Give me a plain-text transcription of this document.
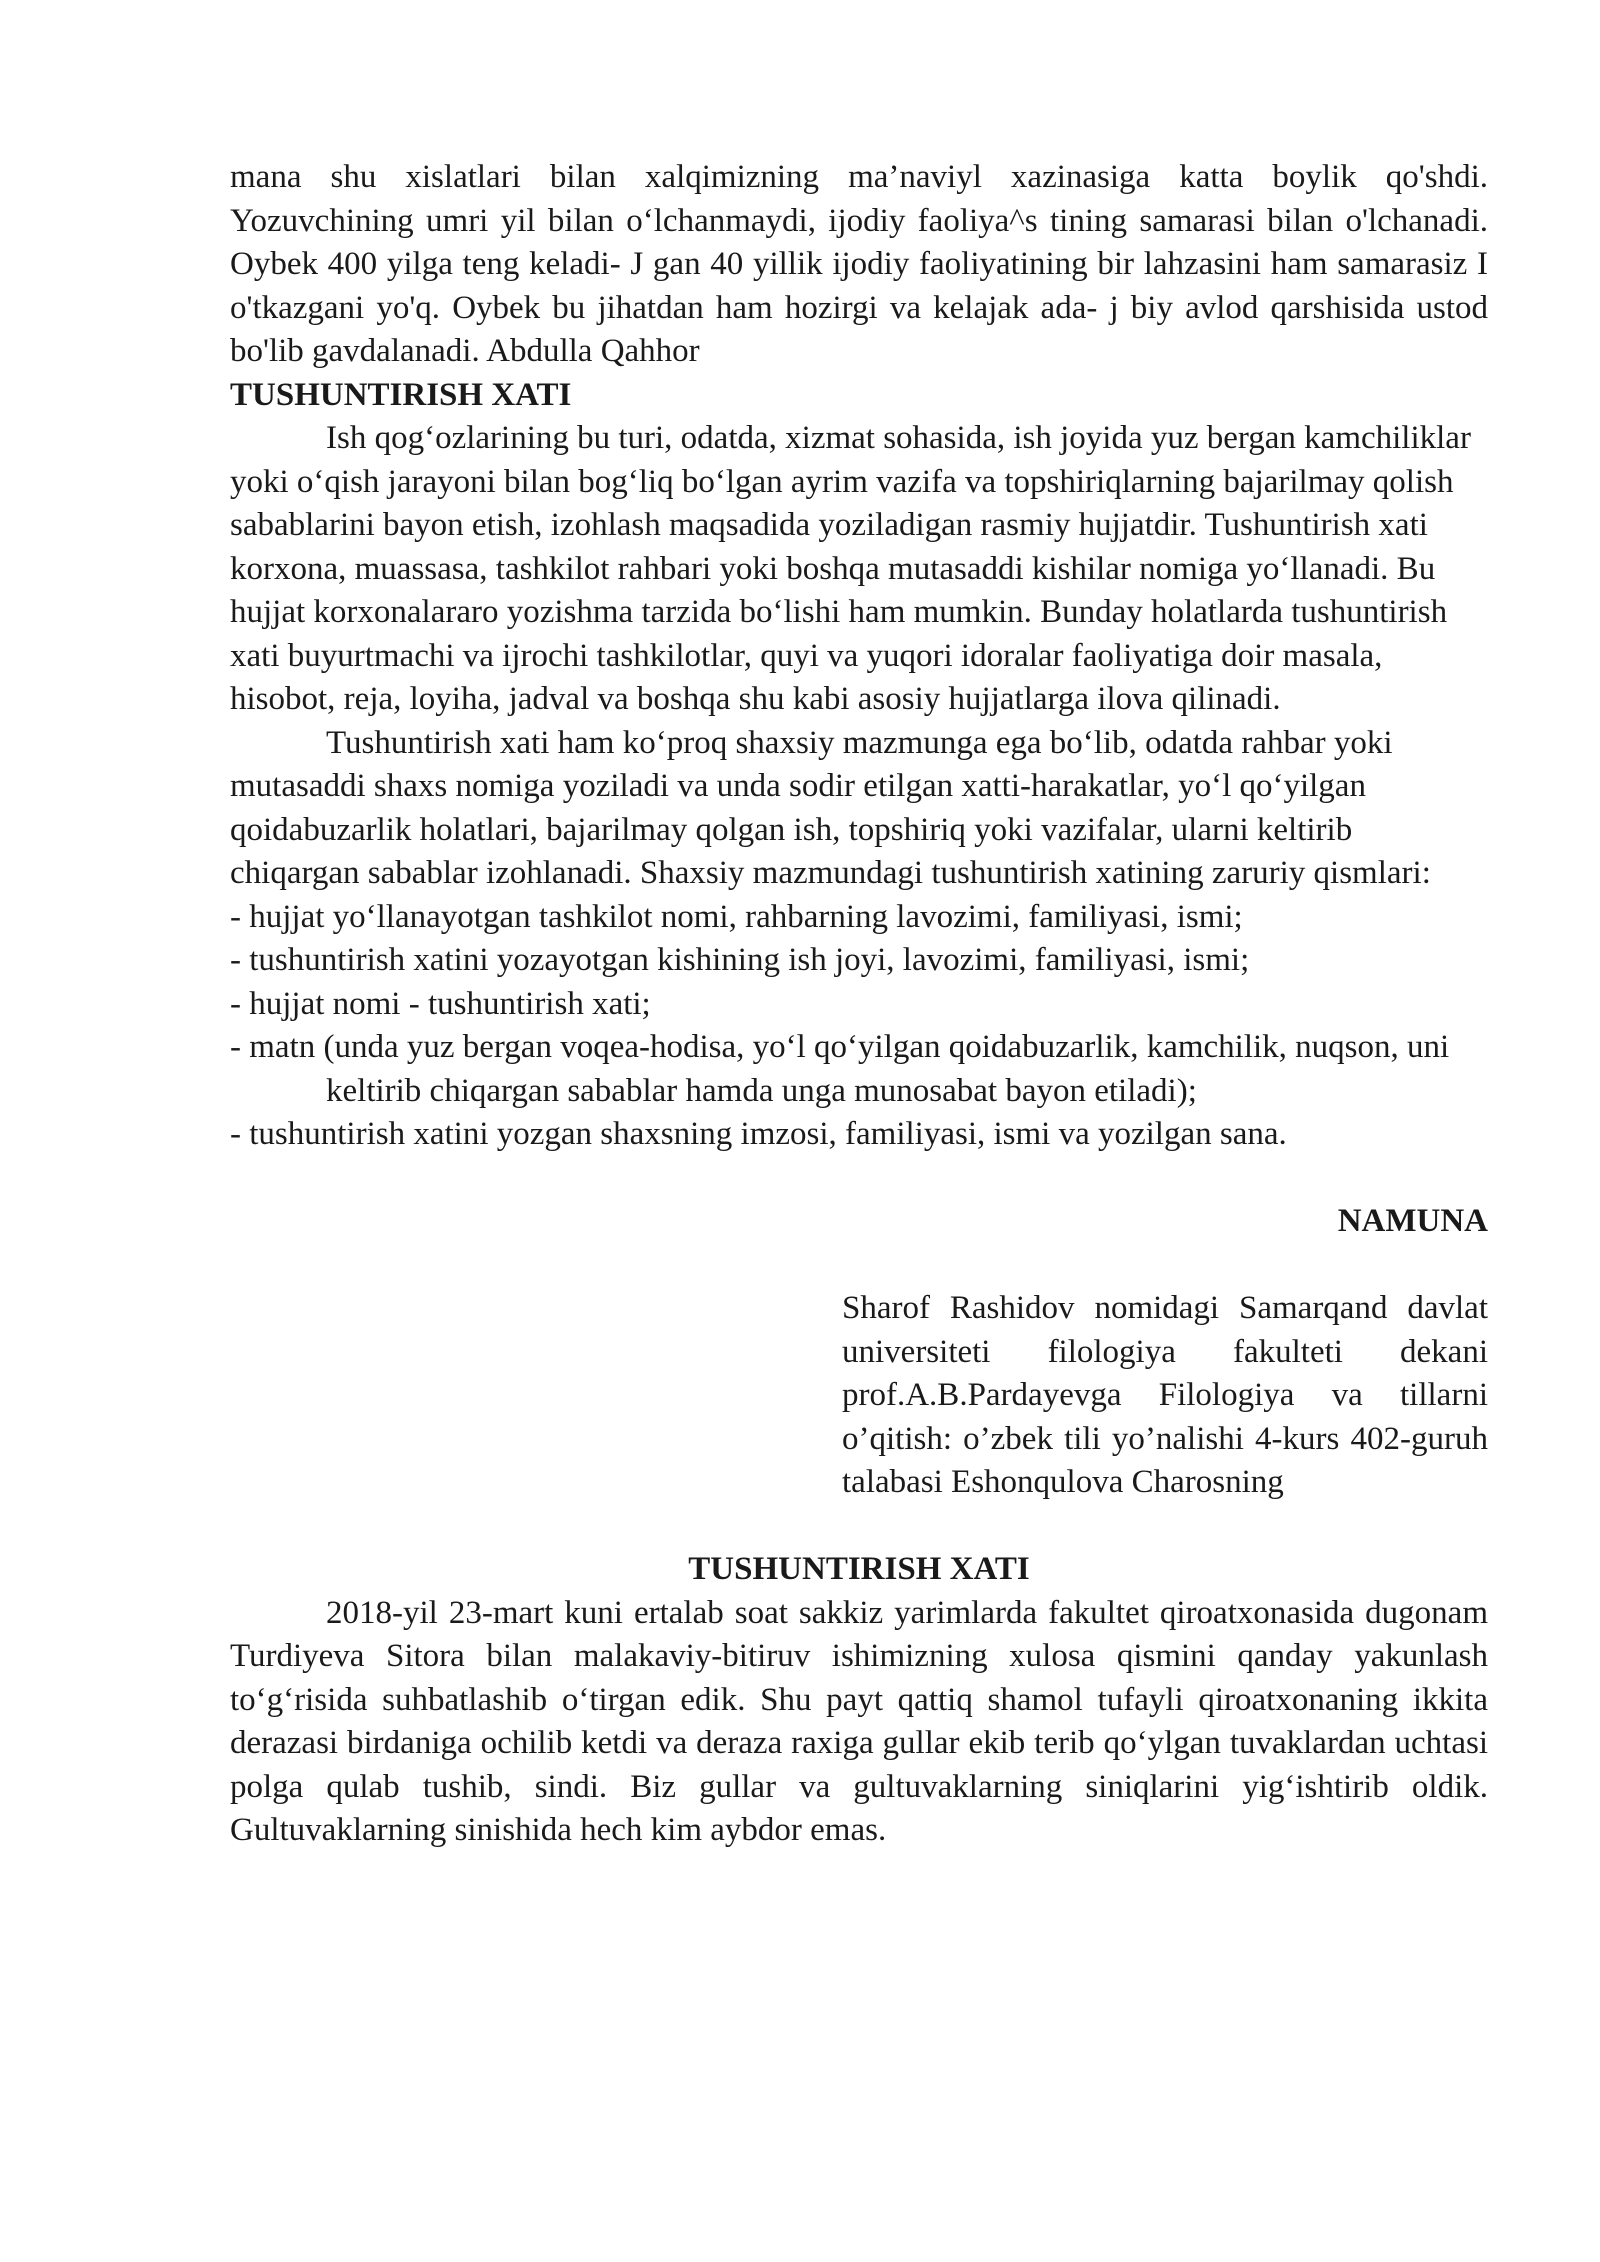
mana shu xislatlari bilan xalqimizning ma’naviyl xazinasiga katta boylik qo'shdi. Yozuvchining umri yil bilan o‘lchanmaydi, ijodiy faoliya^s tining samarasi bilan o'lchanadi. Oybek 400 yilga teng keladi- J gan 40 yillik ijodiy faoliyatining bir lahzasini ham samarasiz I o'tkazgani yo'q. Oybek bu jihatdan ham hozirgi va kelajak ada- j biy avlod qarshisida ustod bo'lib gavdalanadi. Abdulla Qahhor

TUSHUNTIRISH XATI

Ish qog‘ozlarining bu turi, odatda, xizmat sohasida, ish joyida yuz bergan kamchiliklar yoki o‘qish jarayoni bilan bog‘liq bo‘lgan ayrim vazifa va topshiriqlarning bajarilmay qolish sabablarini bayon etish, izohlash maqsadida yoziladigan rasmiy hujjatdir. Tushuntirish xati korxona, muassasa, tashkilot rahbari yoki boshqa mutasaddi kishilar nomiga yo‘llanadi. Bu hujjat korxonalararo yozishma tarzida bo‘lishi ham mumkin. Bunday holatlarda tushuntirish xati buyurtmachi va ijrochi tashkilotlar, quyi va yuqori idoralar faoliyatiga doir masala, hisobot, reja, loyiha, jadval va boshqa shu kabi asosiy hujjatlarga ilova qilinadi.

Tushuntirish xati ham ko‘proq shaxsiy mazmunga ega bo‘lib, odatda rahbar yoki mutasaddi shaxs nomiga yoziladi va unda sodir etilgan xatti-harakatlar, yo‘l qo‘yilgan qoidabuzarlik holatlari, bajarilmay qolgan ish, topshiriq yoki vazifalar, ularni keltirib chiqargan sabablar izohlanadi. Shaxsiy mazmundagi tushuntirish xatining zaruriy qismlari:

- hujjat yo‘llanayotgan tashkilot nomi, rahbarning lavozimi, familiyasi, ismi;

- tushuntirish xatini yozayotgan kishining ish joyi, lavozimi, familiyasi, ismi;

- hujjat nomi - tushuntirish xati;

- matn (unda yuz bergan voqea-hodisa, yo‘l qo‘yilgan qoidabuzarlik, kamchilik, nuqson, uni keltirib chiqargan sabablar hamda unga munosabat bayon etiladi);

- tushuntirish xatini yozgan shaxsning imzosi, familiyasi, ismi va yozilgan sana.

NAMUNA

Sharof Rashidov nomidagi Samarqand davlat universiteti filologiya fakulteti dekani prof.A.B.Pardayevga Filologiya va tillarni o’qitish: o’zbek tili yo’nalishi 4-kurs 402-guruh talabasi Eshonqulova Charosning

TUSHUNTIRISH XATI

2018-yil 23-mart kuni ertalab soat sakkiz yarimlarda fakultet qiroatxonasida dugonam Turdiyeva Sitora bilan malakaviy-bitiruv ishimizning xulosa qismini qanday yakunlash to‘g‘risida suhbatlashib o‘tirgan edik. Shu payt qattiq shamol tufayli qiroatxonaning ikkita derazasi birdaniga ochilib ketdi va deraza raxiga gullar ekib terib qo‘ylgan tuvaklardan uchtasi polga qulab tushib, sindi. Biz gullar va gultuvaklarning siniqlarini yig‘ishtirib oldik. Gultuvaklarning sinishida hech kim aybdor emas.
